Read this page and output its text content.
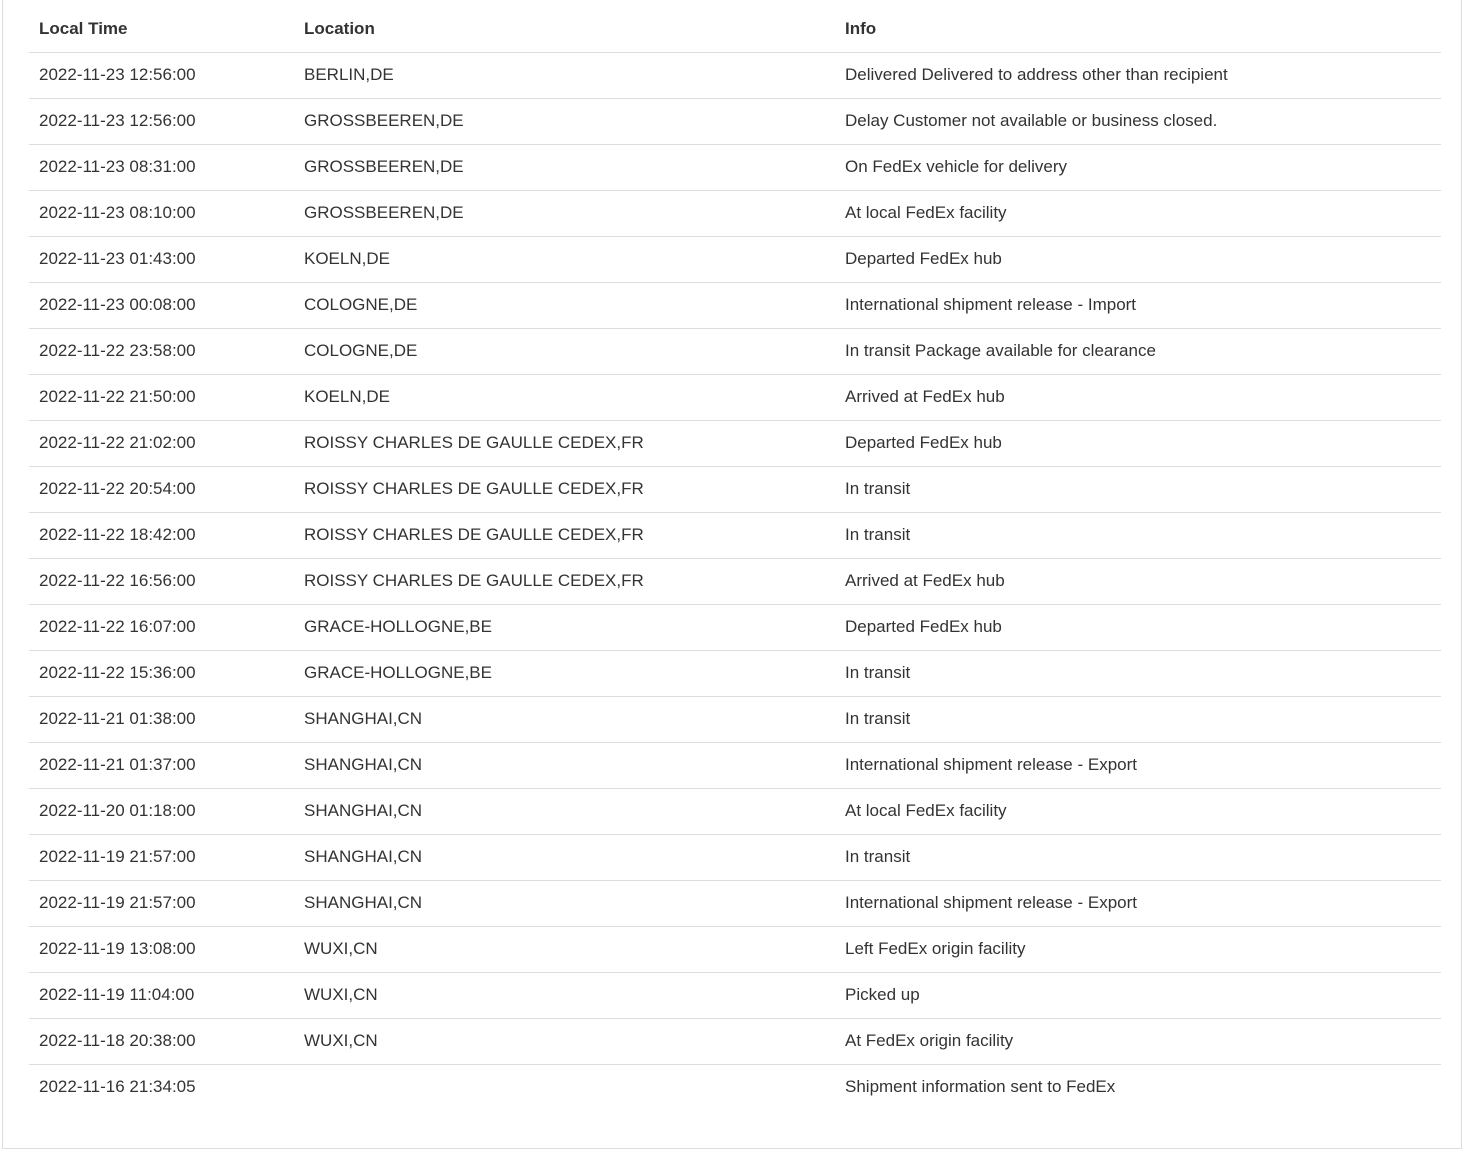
Local Time	Location	Info
2022-11-23 12:56:00	BERLIN,DE	Delivered Delivered to address other than recipient
2022-11-23 12:56:00	GROSSBEEREN,DE	Delay Customer not available or business closed.
2022-11-23 08:31:00	GROSSBEEREN,DE	On FedEx vehicle for delivery
2022-11-23 08:10:00	GROSSBEEREN,DE	At local FedEx facility
2022-11-23 01:43:00	KOELN,DE	Departed FedEx hub
2022-11-23 00:08:00	COLOGNE,DE	International shipment release - Import
2022-11-22 23:58:00	COLOGNE,DE	In transit Package available for clearance
2022-11-22 21:50:00	KOELN,DE	Arrived at FedEx hub
2022-11-22 21:02:00	ROISSY CHARLES DE GAULLE CEDEX,FR	Departed FedEx hub
2022-11-22 20:54:00	ROISSY CHARLES DE GAULLE CEDEX,FR	In transit
2022-11-22 18:42:00	ROISSY CHARLES DE GAULLE CEDEX,FR	In transit
2022-11-22 16:56:00	ROISSY CHARLES DE GAULLE CEDEX,FR	Arrived at FedEx hub
2022-11-22 16:07:00	GRACE-HOLLOGNE,BE	Departed FedEx hub
2022-11-22 15:36:00	GRACE-HOLLOGNE,BE	In transit
2022-11-21 01:38:00	SHANGHAI,CN	In transit
2022-11-21 01:37:00	SHANGHAI,CN	International shipment release - Export
2022-11-20 01:18:00	SHANGHAI,CN	At local FedEx facility
2022-11-19 21:57:00	SHANGHAI,CN	In transit
2022-11-19 21:57:00	SHANGHAI,CN	International shipment release - Export
2022-11-19 13:08:00	WUXI,CN	Left FedEx origin facility
2022-11-19 11:04:00	WUXI,CN	Picked up
2022-11-18 20:38:00	WUXI,CN	At FedEx origin facility
2022-11-16 21:34:05		Shipment information sent to FedEx
